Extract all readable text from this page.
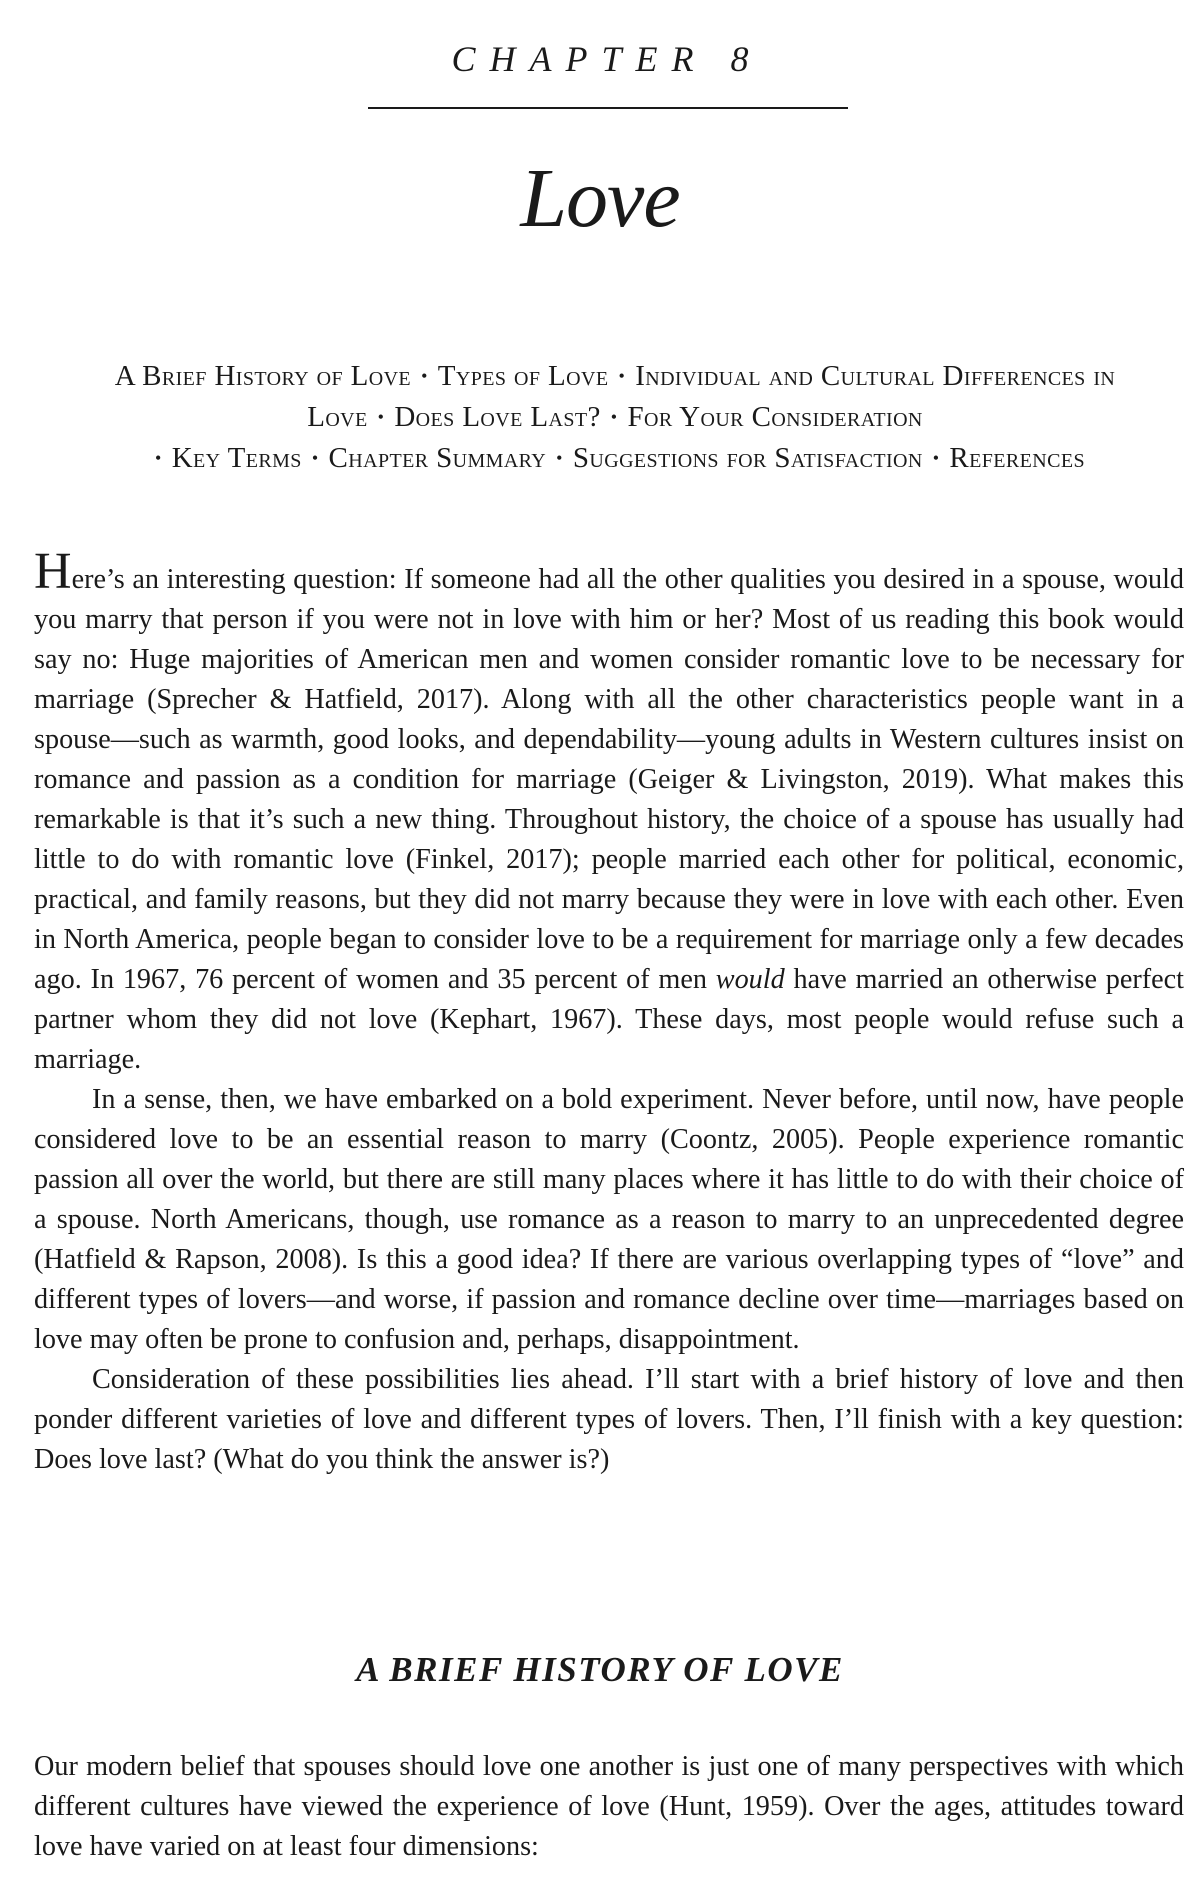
CHAPTER 8
Love
A Brief History of Love • Types of Love • Individual and Cultural Differences in Love • Does Love Last? • For Your Consideration
• Key Terms • Chapter Summary • Suggestions for Satisfaction • References

Here’s an interesting question: If someone had all the other qualities you desired in a spouse, would you marry that person if you were not in love with him or her? Most of us reading this book would say no: Huge majorities of American men and women consider romantic love to be necessary for marriage (Sprecher & Hatfield, 2017). Along with all the other characteristics people want in a spouse—such as warmth, good looks, and dependability—young adults in Western cultures insist on romance and passion as a condition for marriage (Geiger & Livingston, 2019). What makes this remarkable is that it’s such a new thing. Throughout history, the choice of a spouse has usually had little to do with romantic love (Finkel, 2017); people married each other for political, economic, practical, and family reasons, but they did not marry because they were in love with each other. Even in North America, people began to consider love to be a requirement for marriage only a few decades ago. In 1967, 76 percent of women and 35 percent of men would have married an otherwise perfect partner whom they did not love (Kephart, 1967). These days, most people would refuse such a marriage.

In a sense, then, we have embarked on a bold experiment. Never before, until now, have people considered love to be an essential reason to marry (Coontz, 2005). People experience romantic passion all over the world, but there are still many places where it has little to do with their choice of a spouse. North Americans, though, use romance as a reason to marry to an unprecedented degree (Hatfield & Rapson, 2008). Is this a good idea? If there are various overlapping types of “love” and different types of lovers—and worse, if passion and romance decline over time—marriages based on love may often be prone to confusion and, perhaps, disappointment.

Consideration of these possibilities lies ahead. I’ll start with a brief history of love and then ponder different varieties of love and different types of lovers. Then, I’ll finish with a key question: Does love last? (What do you think the answer is?)

A BRIEF HISTORY OF LOVE

Our modern belief that spouses should love one another is just one of many perspectives with which different cultures have viewed the experience of love (Hunt, 1959). Over the ages, attitudes toward love have varied on at least four dimensions:
